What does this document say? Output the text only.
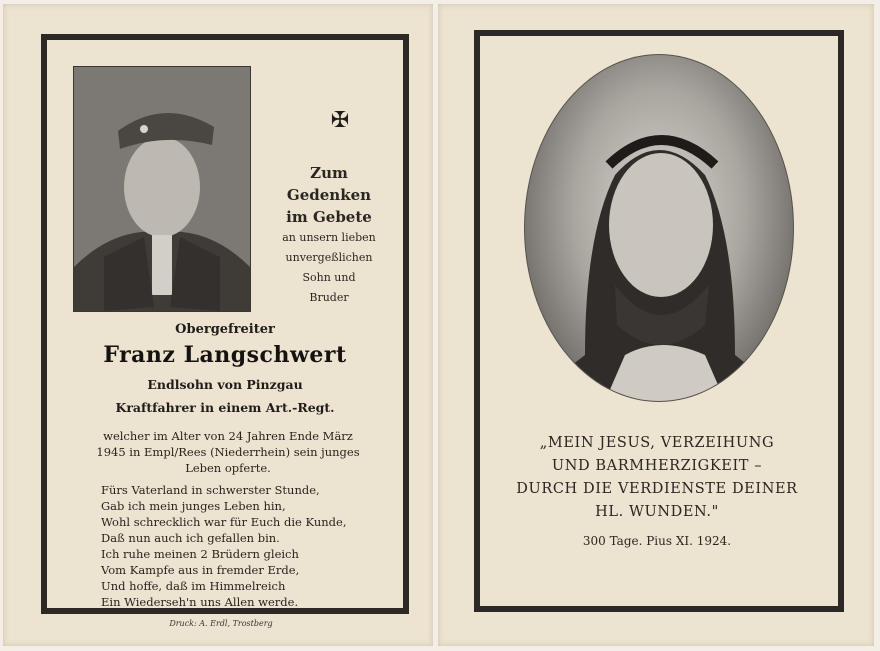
✠
Zum
Gedenken
im Gebete
an unsern lieben
unvergeßlichen
Sohn und
Bruder
Obergefreiter
Franz Langschwert
Endlsohn von Pinzgau
Kraftfahrer in einem Art.-Regt.
welcher im Alter von 24 Jahren Ende März
1945 in Empl/Rees (Niederrhein) sein junges
Leben opferte.
Fürs Vaterland in schwerster Stunde,
Gab ich mein junges Leben hin,
Wohl schrecklich war für Euch die Kunde,
Daß nun auch ich gefallen bin.
Ich ruhe meinen 2 Brüdern gleich
Vom Kampfe aus in fremder Erde,
Und hoffe, daß im Himmelreich
Ein Wiederseh'n uns Allen werde.
Druck: A. Erdl, Trostberg
„MEIN JESUS, VERZEIHUNG
UND BARMHERZIGKEIT –
DURCH DIE VERDIENSTE DEINER
HL. WUNDEN."
300 Tage. Pius XI. 1924.
